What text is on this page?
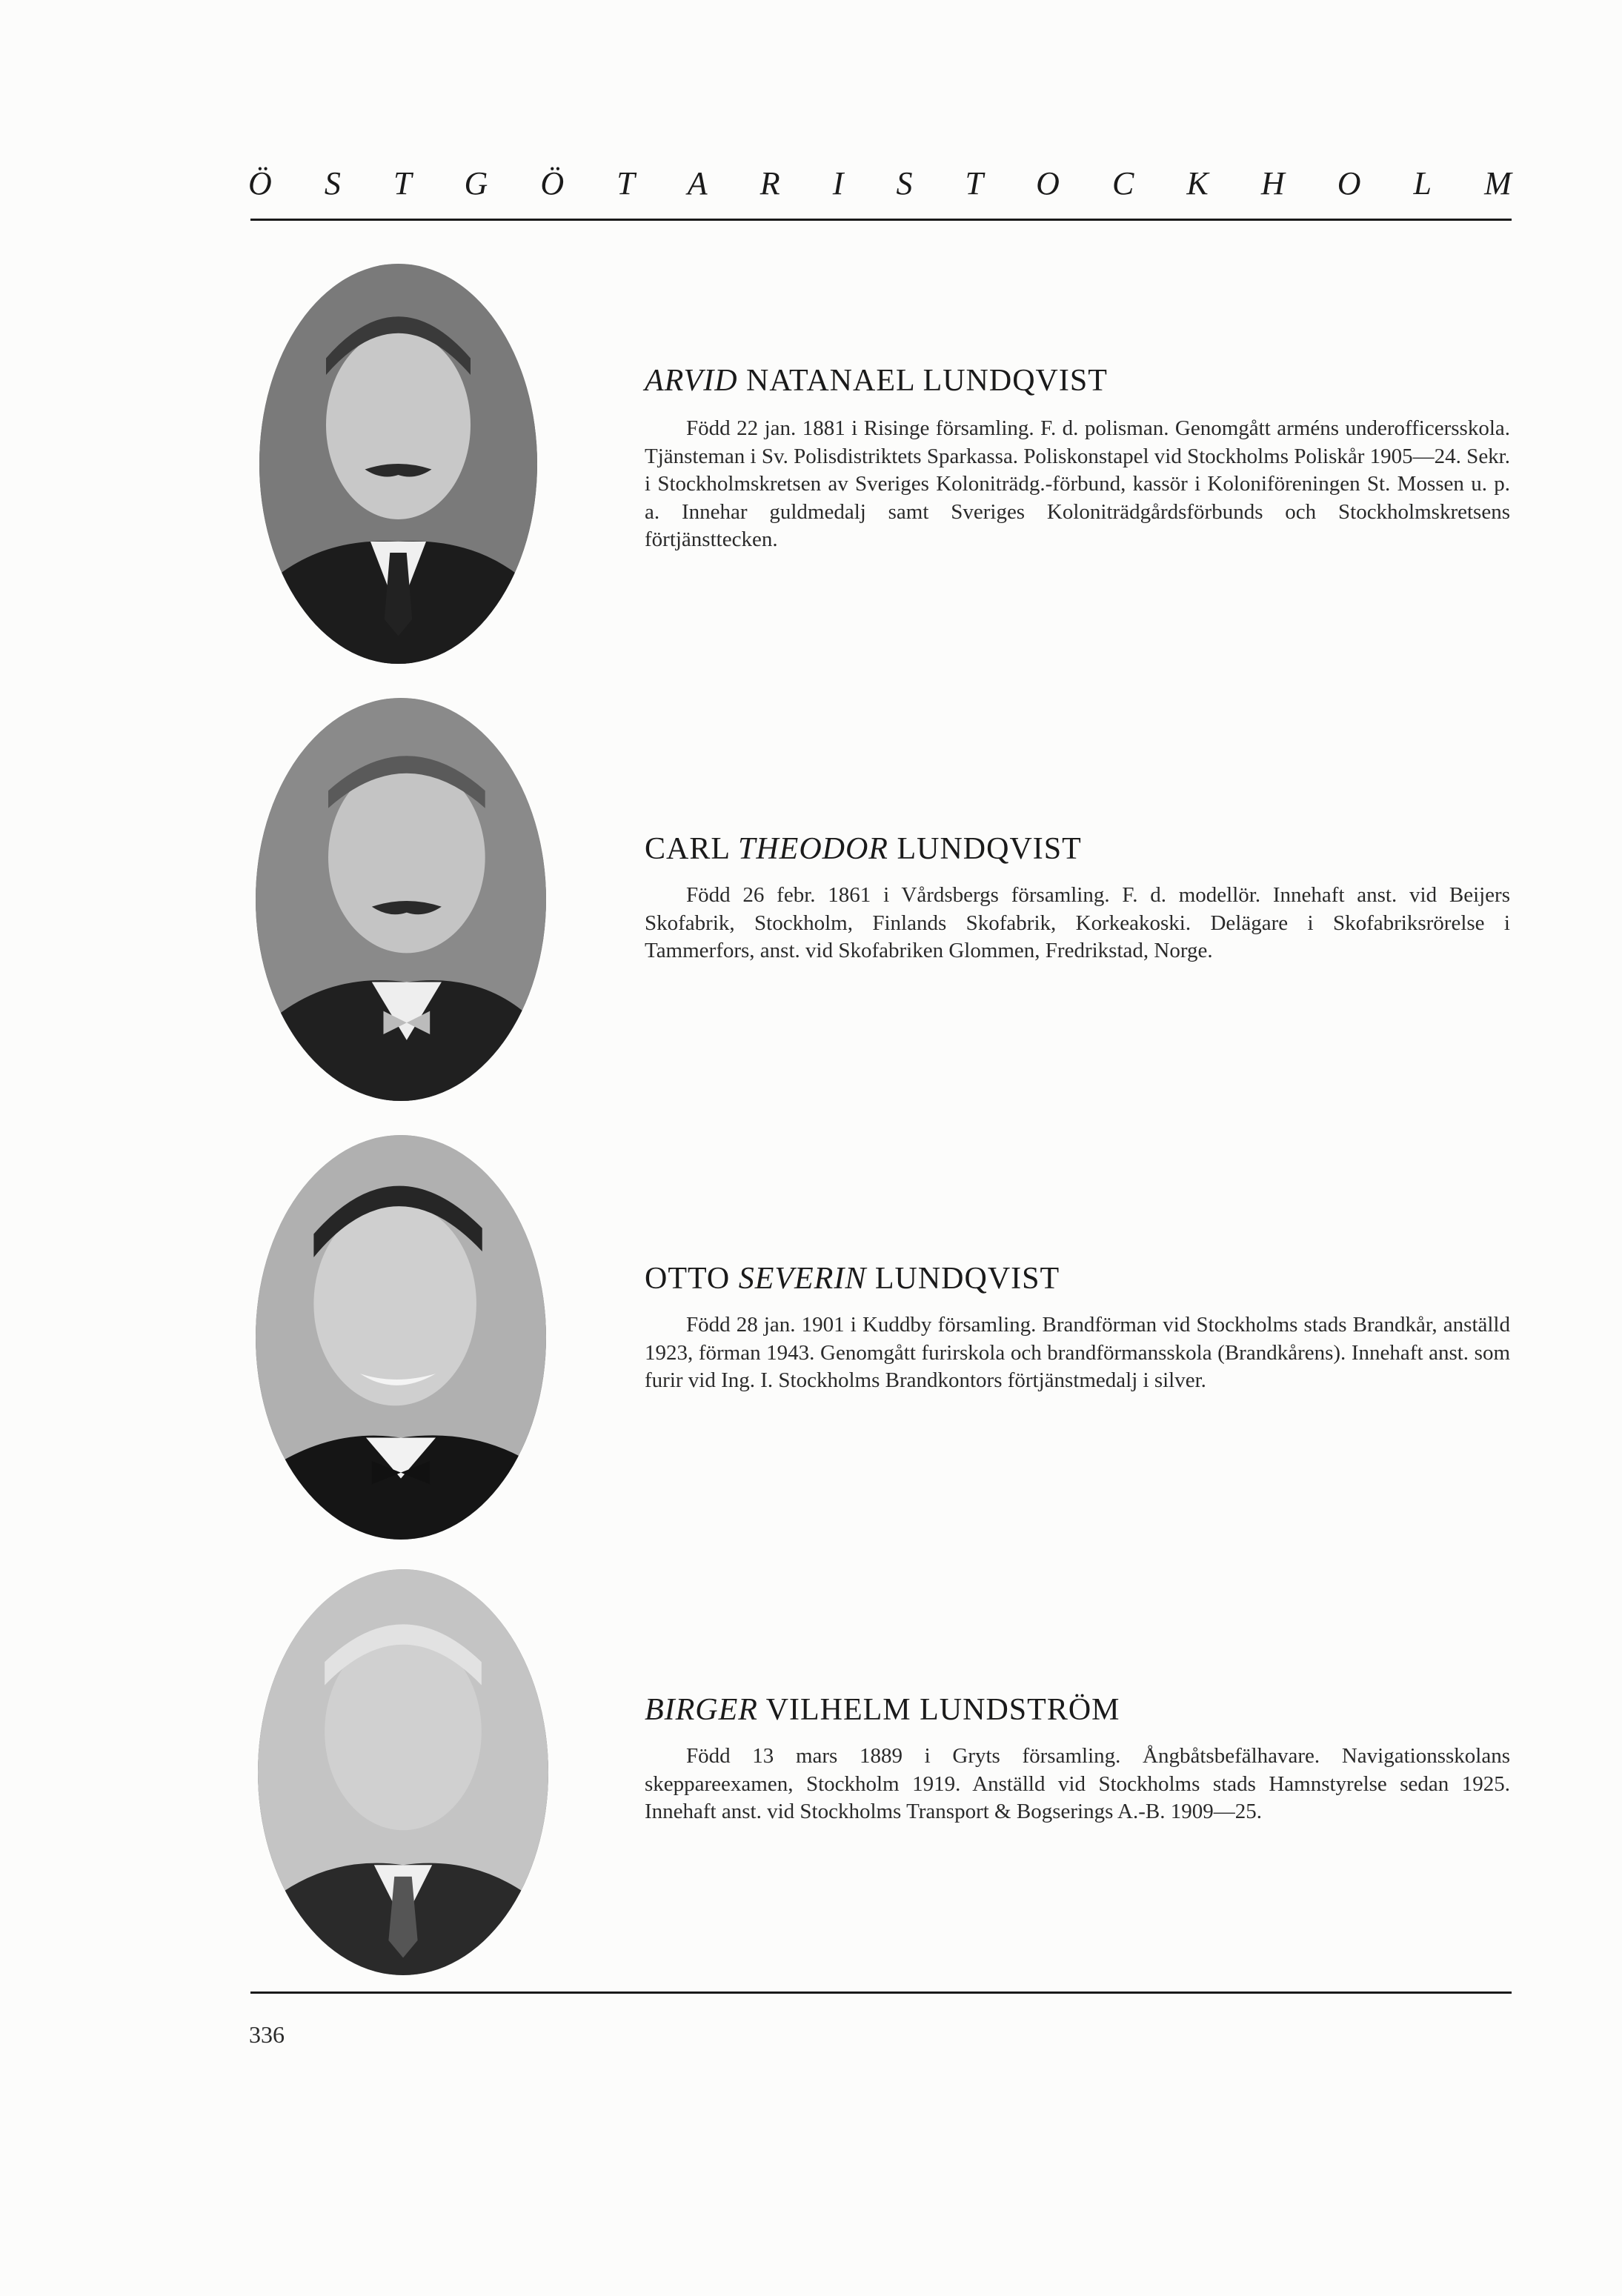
Ö S T G Ö T A R I S T O C K H O L M
ARVID NATANAEL LUNDQVIST

Född 22 jan. 1881 i Risinge församling. F. d. polisman. Genomgått arméns underofficersskola. Tjänsteman i Sv. Polisdistriktets Sparkassa. Poliskonstapel vid Stockholms Poliskår 1905—24. Sekr. i Stockholmskretsen av Sveriges Koloniträdg.-förbund, kassör i Koloniföreningen St. Mossen u. p. a. Innehar guldmedalj samt Sveriges Koloniträdgårdsförbunds och Stockholmskretsens förtjänsttecken.

CARL THEODOR LUNDQVIST

Född 26 febr. 1861 i Vårdsbergs församling. F. d. modellör. Innehaft anst. vid Beijers Skofabrik, Stockholm, Finlands Skofabrik, Korkeakoski. Delägare i Skofabriksrörelse i Tammerfors, anst. vid Skofabriken Glommen, Fredrikstad, Norge.

OTTO SEVERIN LUNDQVIST

Född 28 jan. 1901 i Kuddby församling. Brandförman vid Stockholms stads Brandkår, anställd 1923, förman 1943. Genomgått furirskola och brandförmansskola (Brandkårens). Innehaft anst. som furir vid Ing. I. Stockholms Brandkontors förtjänstmedalj i silver.

BIRGER VILHELM LUNDSTRÖM

Född 13 mars 1889 i Gryts församling. Ångbåtsbefälhavare. Navigationsskolans skeppareexamen, Stockholm 1919. Anställd vid Stockholms stads Hamnstyrelse sedan 1925. Innehaft anst. vid Stockholms Transport & Bogserings A.-B. 1909—25.

336
